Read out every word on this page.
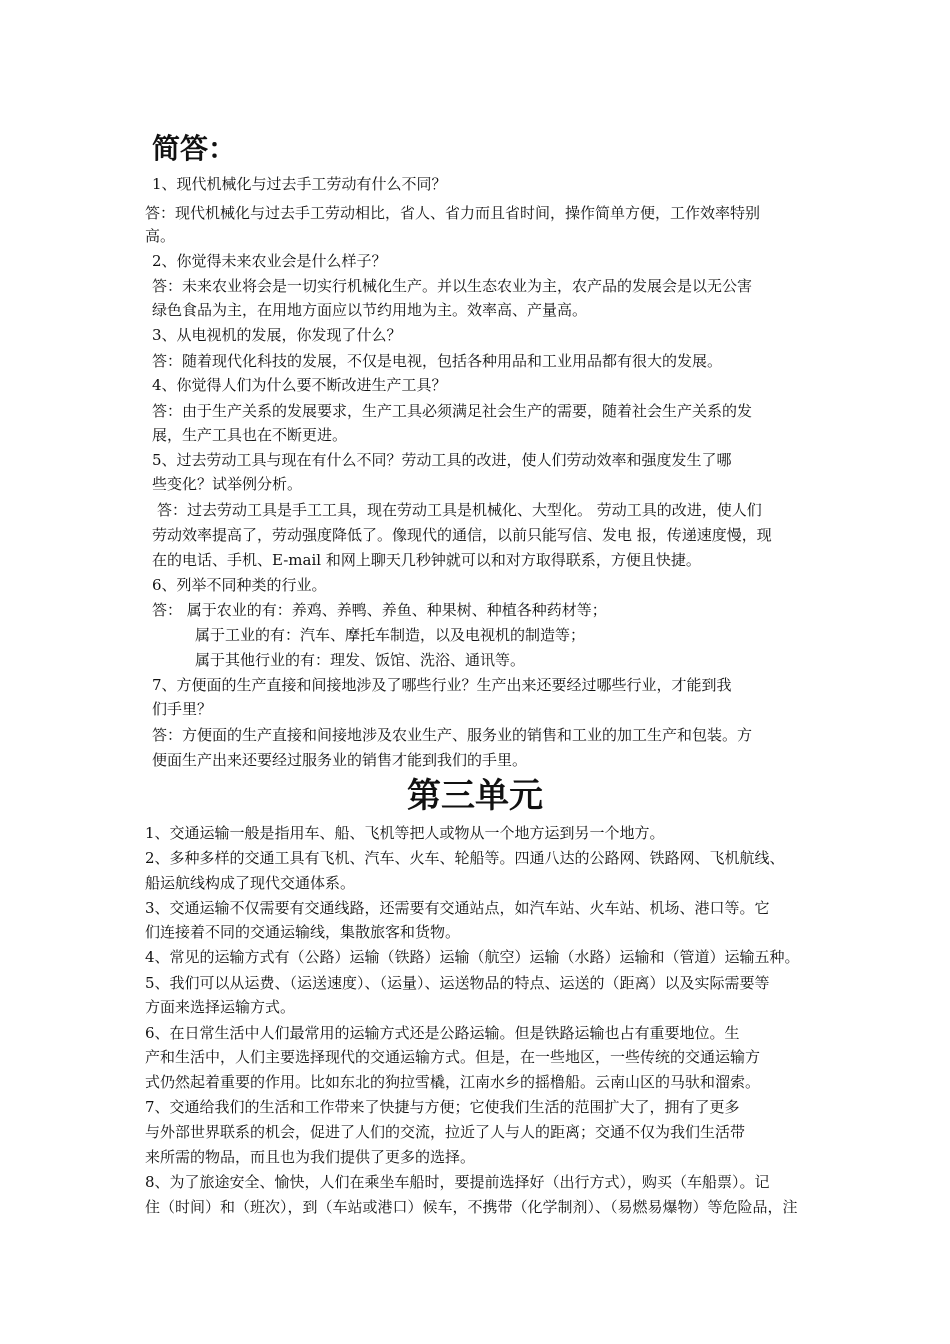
简答：
1、现代机械化与过去手工劳动有什么不同？
答：现代机械化与过去手工劳动相比，省人、省力而且省时间，操作简单方便，工作效率特别
高。
2、你觉得未来农业会是什么样子？
答：未来农业将会是一切实行机械化生产。并以生态农业为主，农产品的发展会是以无公害
绿色食品为主，在用地方面应以节约用地为主。效率高、产量高。
3、从电视机的发展，你发现了什么？
答：随着现代化科技的发展，不仅是电视，包括各种用品和工业用品都有很大的发展。
4、你觉得人们为什么要不断改进生产工具？
答：由于生产关系的发展要求，生产工具必须满足社会生产的需要，随着社会生产关系的发
展，生产工具也在不断更进。
5、过去劳动工具与现在有什么不同？劳动工具的改进，使人们劳动效率和强度发生了哪
些变化？试举例分析。
答：过去劳动工具是手工工具，现在劳动工具是机械化、大型化。 劳动工具的改进，使人们
劳动效率提高了，劳动强度降低了。像现代的通信，以前只能写信、发电 报，传递速度慢，现
在的电话、手机、E-mail 和网上聊天几秒钟就可以和对方取得联系，方便且快捷。
6、列举不同种类的行业。
答： 属于农业的有：养鸡、养鸭、养鱼、种果树、种植各种药材等；
属于工业的有：汽车、摩托车制造，以及电视机的制造等；
属于其他行业的有：理发、饭馆、洗浴、通讯等。
7、方便面的生产直接和间接地涉及了哪些行业？生产出来还要经过哪些行业，才能到我
们手里？
答：方便面的生产直接和间接地涉及农业生产、服务业的销售和工业的加工生产和包装。方
便面生产出来还要经过服务业的销售才能到我们的手里。
第三单元
1、交通运输一般是指用车、船、飞机等把人或物从一个地方运到另一个地方。
2、多种多样的交通工具有飞机、汽车、火车、轮船等。四通八达的公路网、铁路网、飞机航线、
船运航线构成了现代交通体系。
3、交通运输不仅需要有交通线路，还需要有交通站点，如汽车站、火车站、机场、港口等。它
们连接着不同的交通运输线，集散旅客和货物。
4、常见的运输方式有（公路）运输（铁路）运输（航空）运输（水路）运输和（管道）运输五种。
5、我们可以从运费、（运送速度）、（运量）、运送物品的特点、运送的（距离）以及实际需要等
方面来选择运输方式。
6、在日常生活中人们最常用的运输方式还是公路运输。但是铁路运输也占有重要地位。生
产和生活中，人们主要选择现代的交通运输方式。但是，在一些地区，一些传统的交通运输方
式仍然起着重要的作用。比如东北的狗拉雪橇，江南水乡的摇橹船。云南山区的马驮和溜索。
7、交通给我们的生活和工作带来了快捷与方便；它使我们生活的范围扩大了，拥有了更多
与外部世界联系的机会，促进了人们的交流，拉近了人与人的距离；交通不仅为我们生活带
来所需的物品，而且也为我们提供了更多的选择。
8、为了旅途安全、愉快，人们在乘坐车船时，要提前选择好（出行方式），购买（车船票）。记
住（时间）和（班次），到（车站或港口）候车，不携带（化学制剂）、（易燃易爆物）等危险品，注
